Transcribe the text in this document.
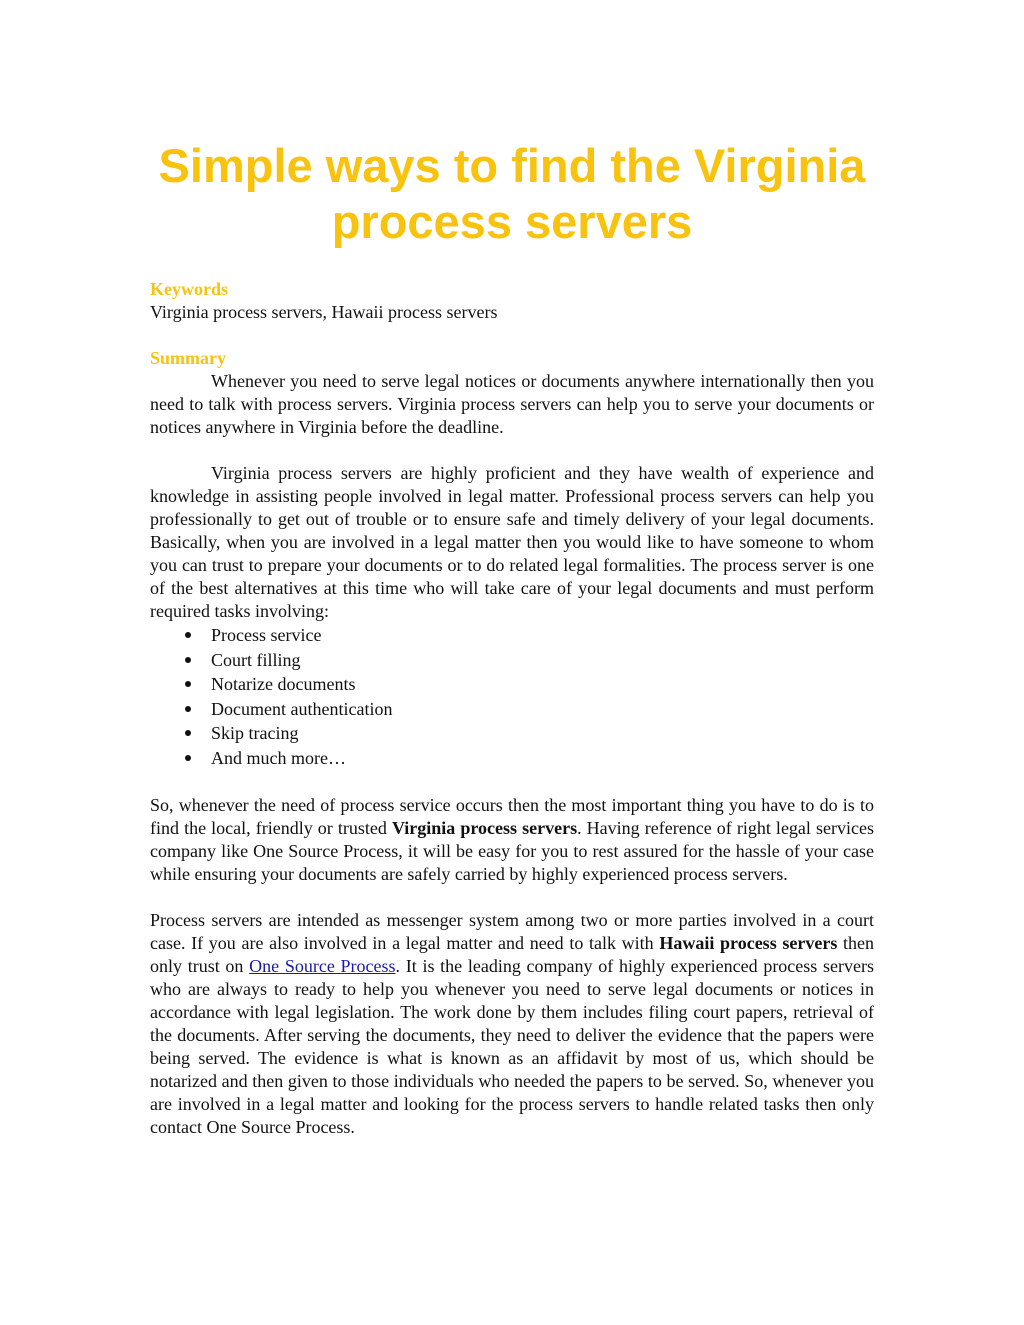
Simple ways to find the Virginia process servers

Keywords

Virginia process servers, Hawaii process servers

Summary

Whenever you need to serve legal notices or documents anywhere internationally then you need to talk with process servers. Virginia process servers can help you to serve your documents or notices anywhere in Virginia before the deadline.

Virginia process servers are highly proficient and they have wealth of experience and knowledge in assisting people involved in legal matter. Professional process servers can help you professionally to get out of trouble or to ensure safe and timely delivery of your legal documents. Basically, when you are involved in a legal matter then you would like to have someone to whom you can trust to prepare your documents or to do related legal formalities. The process server is one of the best alternatives at this time who will take care of your legal documents and must perform required tasks involving:

Process service
Court filling
Notarize documents
Document authentication
Skip tracing
And much more…

So, whenever the need of process service occurs then the most important thing you have to do is to find the local, friendly or trusted Virginia process servers. Having reference of right legal services company like One Source Process, it will be easy for you to rest assured for the hassle of your case while ensuring your documents are safely carried by highly experienced process servers.

Process servers are intended as messenger system among two or more parties involved in a court case. If you are also involved in a legal matter and need to talk with Hawaii process servers then only trust on One Source Process. It is the leading company of highly experienced process servers who are always to ready to help you whenever you need to serve legal documents or notices in accordance with legal legislation. The work done by them includes filing court papers, retrieval of the documents. After serving the documents, they need to deliver the evidence that the papers were being served. The evidence is what is known as an affidavit by most of us, which should be notarized and then given to those individuals who needed the papers to be served. So, whenever you are involved in a legal matter and looking for the process servers to handle related tasks then only contact One Source Process.
